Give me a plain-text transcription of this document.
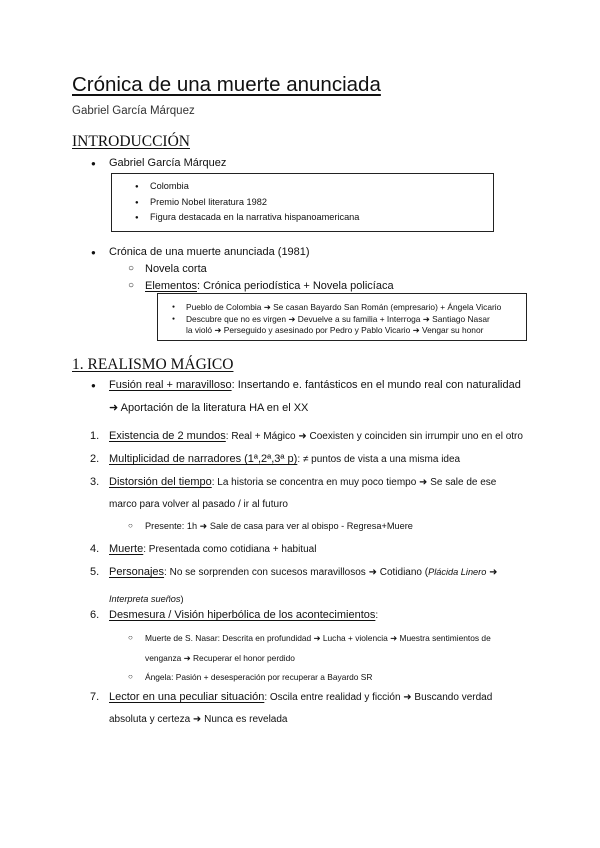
Crónica de una muerte anunciada
Gabriel García Márquez
INTRODUCCIÓN
● Gabriel García Márquez
● Colombia
● Premio Nobel literatura 1982
● Figura destacada en la narrativa hispanoamericana
● Crónica de una muerte anunciada (1981)
○ Novela corta
○ Elementos: Crónica periodística + Novela policíaca
● Pueblo de Colombia ➜ Se casan Bayardo San Román (empresario) + Ángela Vicario
● Descubre que no es virgen ➜ Devuelve a su familia + Interroga ➜ Santiago Nasar
la violó ➜ Perseguido y asesinado por Pedro y Pablo Vicario ➜ Vengar su honor
1. REALISMO MÁGICO
● Fusión real + maravilloso: Insertando e. fantásticos en el mundo real con naturalidad
➜ Aportación de la literatura HA en el XX
1. Existencia de 2 mundos: Real + Mágico ➜ Coexisten y coinciden sin irrumpir uno en el otro
2. Multiplicidad de narradores (1ª,2ª,3ª p): ≠ puntos de vista a una misma idea
3. Distorsión del tiempo: La historia se concentra en muy poco tiempo ➜ Se sale de ese
marco para volver al pasado / ir al futuro
○ Presente: 1h ➜ Sale de casa para ver al obispo - Regresa+Muere
4. Muerte: Presentada como cotidiana + habitual
5. Personajes: No se sorprenden con sucesos maravillosos ➜ Cotidiano (Plácida Linero ➜
Interpreta sueños)
6. Desmesura / Visión hiperbólica de los acontecimientos:
○ Muerte de S. Nasar: Descrita en profundidad ➜ Lucha + violencia ➜ Muestra sentimientos de
venganza ➜ Recuperar el honor perdido
○ Ángela: Pasión + desesperación por recuperar a Bayardo SR
7. Lector en una peculiar situación: Oscila entre realidad y ficción ➜ Buscando verdad
absoluta y certeza ➜ Nunca es revelada
